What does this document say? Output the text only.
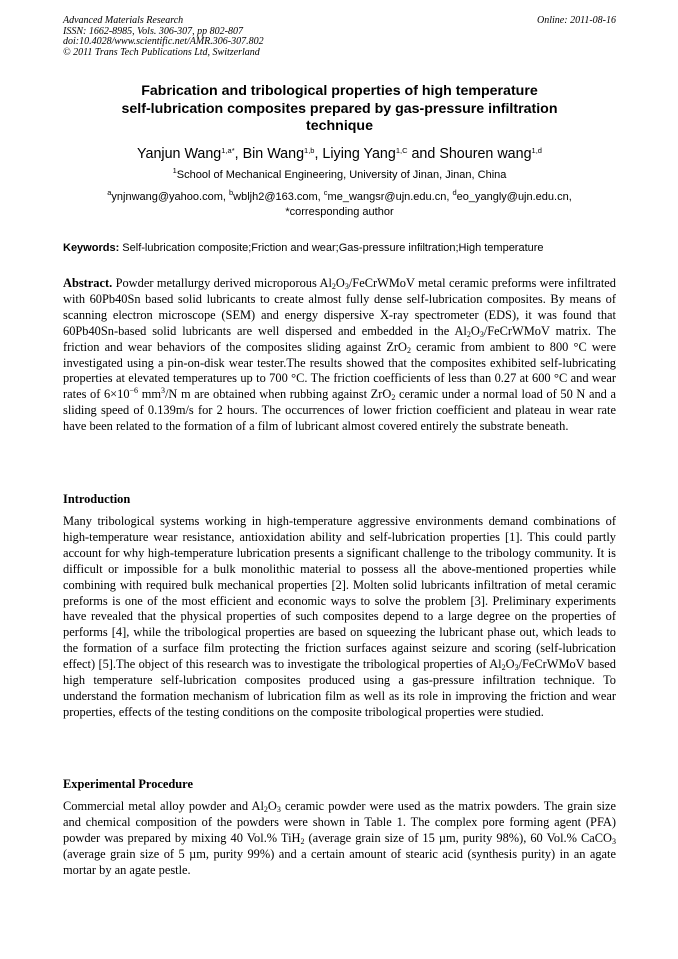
Advanced Materials Research
ISSN: 1662-8985, Vols. 306-307, pp 802-807
doi:10.4028/www.scientific.net/AMR.306-307.802
© 2011 Trans Tech Publications Ltd, Switzerland
Online: 2011-08-16
Fabrication and tribological properties of high temperature
self-lubrication composites prepared by gas-pressure infiltration
technique
Yanjun Wang$^{1,a*}$, Bin Wang$^{1,b}$, Liying Yang$^{1,C}$ and Shouren wang$^{1,d}$
$^1$School of Mechanical Engineering, University of Jinan, Jinan, China
$^a$ynjnwang@yahoo.com, $^b$wbljh2@163.com, $^c$me_wangsr@ujn.edu.cn, $^d$eo_yangly@ujn.edu.cn,
*corresponding author
Keywords: Self-lubrication composite;Friction and wear;Gas-pressure infiltration;High temperature
Abstract. Powder metallurgy derived microporous $Al_2O_3$/FeCrWMoV metal ceramic preforms were infiltrated with 60Pb40Sn based solid lubricants to create almost fully dense self-lubrication composites. By means of scanning electron microscope (SEM) and energy dispersive X-ray spectrometer (EDS), it was found that 60Pb40Sn-based solid lubricants are well dispersed and embedded in the $Al_2O_3$/FeCrWMoV matrix. The friction and wear behaviors of the composites sliding against ZrO$_2$ ceramic from ambient to 800 °C were investigated using a pin-on-disk wear tester.The results showed that the composites exhibited self-lubricating properties at elevated temperatures up to 700 °C. The friction coefficients of less than 0.27 at 600 °C and wear rates of $6\times 10^{-6}$ $mm^3/N$ m are obtained when rubbing against ZrO$_2$ ceramic under a normal load of 50 N and a sliding speed of 0.139m/s for 2 hours. The occurrences of lower friction coefficient and plateau in wear rate have been related to the formation of a film of lubricant almost covered entirely the substrate beneath.
Introduction
Many tribological systems working in high-temperature aggressive environments demand combinations of high-temperature wear resistance, antioxidation ability and self-lubrication properties [1]. This could partly account for why high-temperature lubrication presents a significant challenge to the tribology community. It is difficult or impossible for a bulk monolithic material to possess all the above-mentioned properties while combining with required bulk mechanical properties [2]. Molten solid lubricants infiltration of metal ceramic preforms is one of the most efficient and economic ways to solve the problem [3]. Preliminary experiments have revealed that the physical properties of such composites depend to a large degree on the properties of performs [4], while the tribological properties are based on squeezing the lubricant phase out, which leads to the formation of a surface film protecting the friction surfaces against seizure and scoring (self-lubrication effect) [5].The object of this research was to investigate the tribological properties of $Al_2O_3$/FeCrWMoV based high temperature self-lubrication composites produced using a gas-pressure infiltration technique. To understand the formation mechanism of lubrication film as well as its role in improving the friction and wear properties, effects of the testing conditions on the composite tribological properties were studied.
Experimental Procedure
Commercial metal alloy powder and $Al_2O_3$ ceramic powder were used as the matrix powders. The grain size and chemical composition of the powders were shown in Table 1. The complex pore forming agent (PFA) powder was prepared by mixing 40 Vol.% TiH$_2$ (average grain size of 15 µm, purity 98%), 60 Vol.% CaCO$_3$ (average grain size of 5 µm, purity 99%) and a certain amount of stearic acid (synthesis purity) in an agate mortar by an agate pestle.
